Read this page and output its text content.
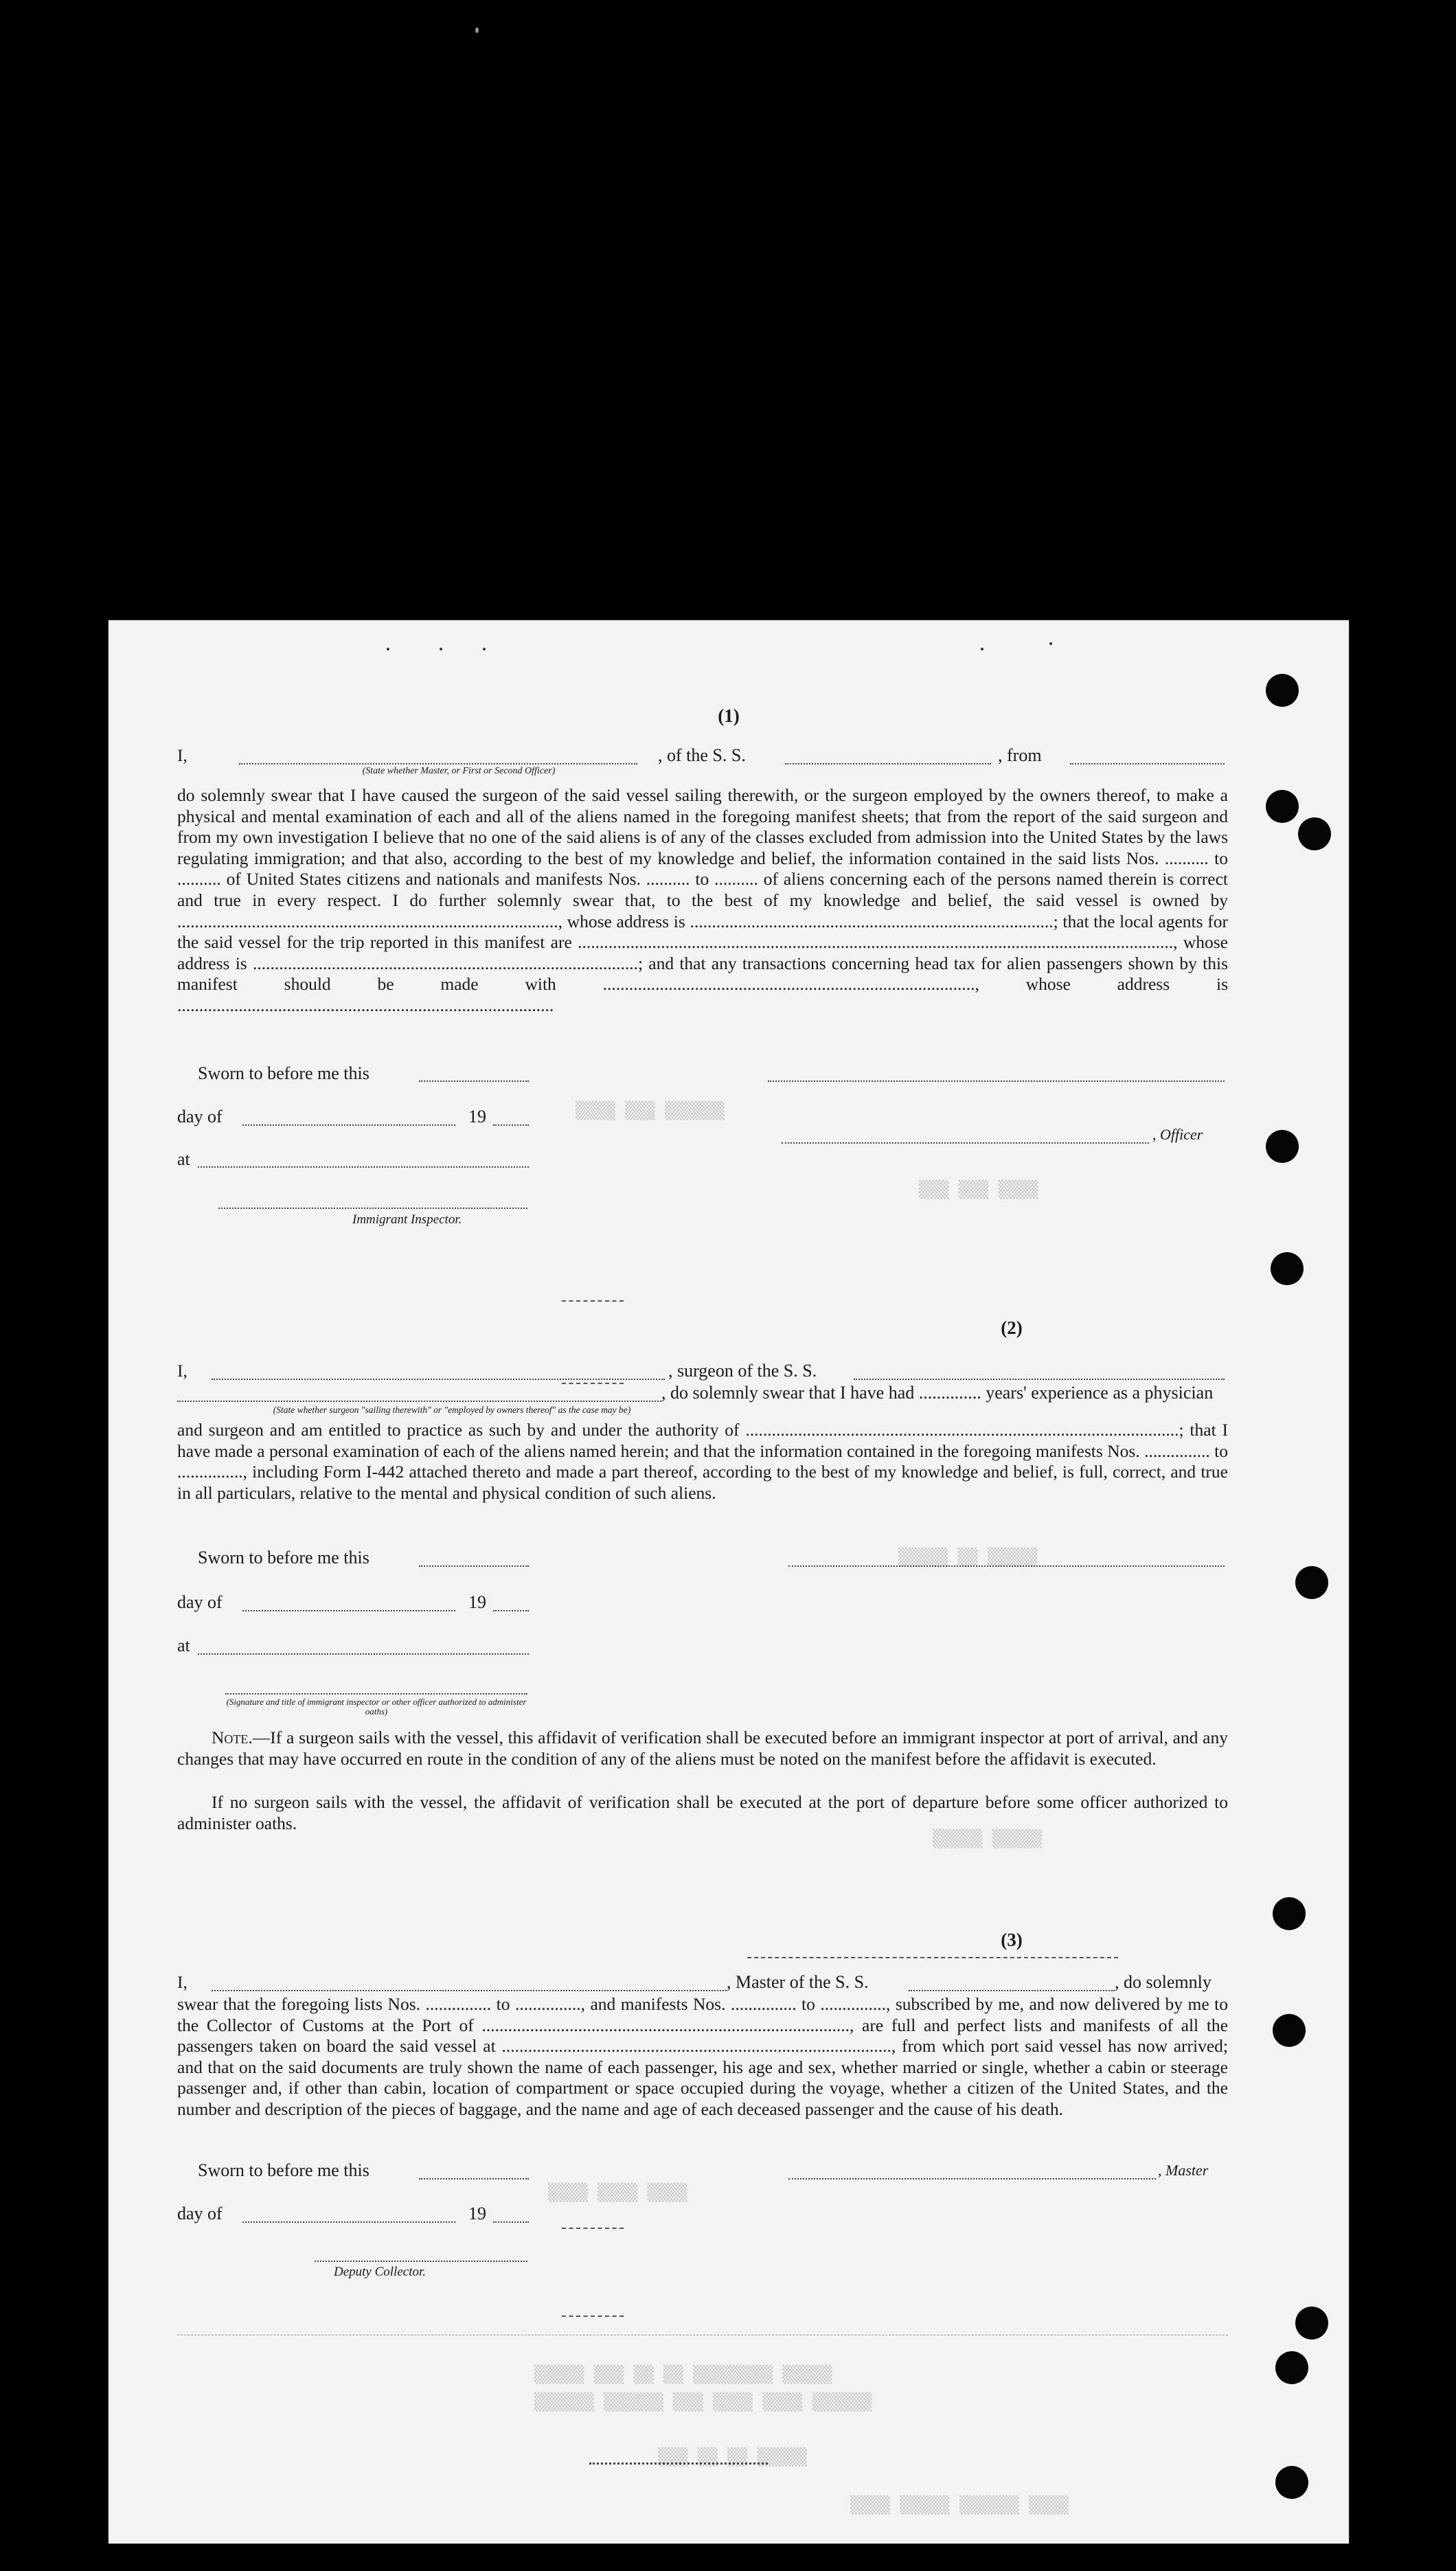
▒▒▒▒ ▒▒▒ ▒▒▒▒▒▒
▒▒▒ ▒▒▒ ▒▒▒▒
▒▒▒▒▒ ▒▒ ▒▒▒▒▒
▒▒▒▒▒ ▒▒▒▒▒
▒▒▒▒ ▒▒▒▒ ▒▒▒▒
▒▒▒▒▒ ▒▒▒ ▒▒ ▒▒ ▒▒▒▒▒▒▒▒ ▒▒▒▒▒
▒▒▒▒▒▒ ▒▒▒▒▒▒ ▒▒▒ ▒▒▒▒ ▒▒▒▒ ▒▒▒▒▒▒
▒▒▒ ▒▒ ▒▒ ▒▒▒▒▒
▒▒▒▒ ▒▒▒▒▒ ▒▒▒▒▒▒ ▒▒▒▒
(1)
I,	, of the S. S.	, from
(State whether Master, or First or Second Officer)

do solemnly swear that I have caused the surgeon of the said vessel sailing therewith, or the surgeon employed by the owners thereof, to make a physical and mental examination of each and all of the aliens named in the foregoing manifest sheets; that from the report of the said surgeon and from my own investigation I believe that no one of the said aliens is of any of the classes excluded from admission into the United States by the laws regulating immigration; and that also, according to the best of my knowledge and belief, the information contained in the said lists Nos. .......... to .......... of United States citizens and nationals and manifests Nos. .......... to .......... of aliens concerning each of the persons named therein is correct and true in every respect. I do further solemnly swear that, to the best of my knowledge and belief, the said vessel is owned by ......................................................................................., whose address is ...................................................................................; that the local agents for the said vessel for the trip reported in this manifest are ........................................................................................................................................, whose address is ........................................................................................; and that any transactions concerning head tax for alien passengers shown by this manifest should be made with ....................................................................................., whose address is ......................................................................................

Sworn to before me this
day of	19
, Officer
at
Immigrant Inspector.
(2)
I,	, surgeon of the S. S.
, do solemnly swear that I have had .............. years' experience as a physician
(State whether surgeon "sailing therewith" or "employed by owners thereof" as the case may be)

and surgeon and am entitled to practice as such by and under the authority of ...................................................................................................; that I have made a personal examination of each of the aliens named herein; and that the information contained in the foregoing manifests Nos. ............... to ..............., including Form I-442 attached thereto and made a part thereof, according to the best of my knowledge and belief, is full, correct, and true in all particulars, relative to the mental and physical condition of such aliens.

Sworn to before me this
day of	19
at
(Signature and title of immigrant inspector or other officer authorized to administer oaths)

Note.—If a surgeon sails with the vessel, this affidavit of verification shall be executed before an immigrant inspector at port of arrival, and any changes that may have occurred en route in the condition of any of the aliens must be noted on the manifest before the affidavit is executed.

If no surgeon sails with the vessel, the affidavit of verification shall be executed at the port of departure before some officer authorized to administer oaths.

(3)
I,	, Master of the S. S.	, do solemnly

swear that the foregoing lists Nos. ............... to ..............., and manifests Nos. ............... to ..............., subscribed by me, and now delivered by me to the Collector of Customs at the Port of ...................................................................................., are full and perfect lists and manifests of all the passengers taken on board the said vessel at ........................................................................................., from which port said vessel has now arrived; and that on the said documents are truly shown the name of each passenger, his age and sex, whether married or single, whether a cabin or steerage passenger and, if other than cabin, location of compartment or space occupied during the voyage, whether a citizen of the United States, and the number and description of the pieces of baggage, and the name and age of each deceased passenger and the cause of his death.

Sworn to before me this	, Master
day of	19
Deputy Collector.
